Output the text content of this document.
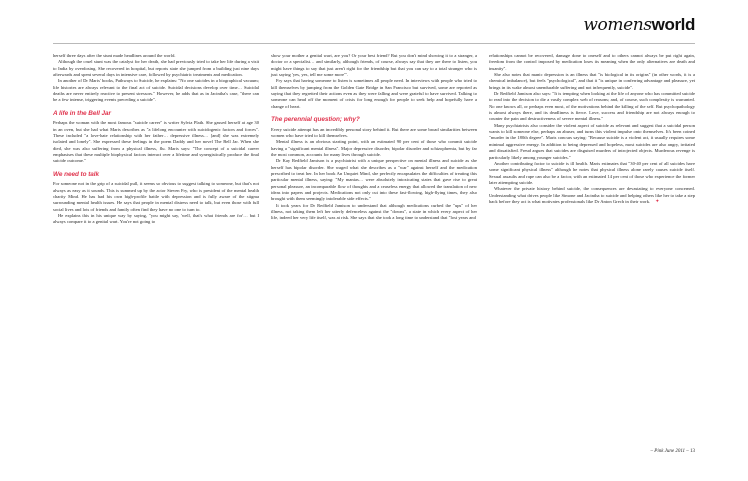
womensworld

herself three days after the stunt made headlines around the world.

Although the cruel stunt was the catalyst for her death, she had previously tried to take her life during a visit to India by overdosing. She recovered in hospital, but reports state she jumped from a building just nine days afterwards and spent several days in intensive care, followed by psychiatric treatments and medication.

In another of Dr Maris' books, Pathways to Suicide, he explains: "No one suicides in a biographical vacuum; life histories are always relevant to the final act of suicide. Suicidal decisions develop over time… Suicidal deaths are never entirely reactive to present stressors." However, he adds that as in Jacintha's case, "there can be a few intense, triggering events preceding a suicide".

A life in the Bell Jar

Perhaps the woman with the most famous "suicide career" is writer Sylvia Plath. She gassed herself at age 30 in an oven, but she had what Maris describes as "a lifelong encounter with suicidogenic factors and forces". These included "a love-hate relationship with her father… depressive illness… [and] she was extremely isolated and lonely". She expressed these feelings in the poem Daddy and her novel The Bell Jar. When she died, she was also suffering from a physical illness, flu. Maris says: "The concept of a suicidal career emphasises that these multiple biophysical factors interact over a lifetime and synergistically produce the final suicide outcome."

We need to talk

For someone not in the grip of a suicidal pull, it seems so obvious to suggest talking to someone, but that's not always as easy as it sounds. This is summed up by the actor Steven Fry, who is president of the mental health charity Mind. He has had his own high-profile battle with depression and is fully aware of the stigma surrounding mental health issues. He says that people in mental distress need to talk, but even those with full social lives and lots of friends and family often find they have no one to turn to.

He explains this in his unique way by saying, "you might say, 'well, that's what friends are for'… but I always compare it to a genital wart. You're not going to

show your mother a genital wart, are you? Or your best friend? But you don't mind showing it to a stranger, a doctor or a specialist… and similarly, although friends, of course, always say that they are there to listen, you might have things to say that just aren't right for the friendship but that you can say to a total stranger who is just saying 'yes, yes, tell me some more'".

Fry says that having someone to listen is sometimes all people need. In interviews with people who tried to kill themselves by jumping from the Golden Gate Bridge in San Francisco but survived, some are reported as saying that they regretted their actions even as they were falling and were grateful to have survived. Talking to someone can head off the moment of crisis for long enough for people to seek help and hopefully have a change of heart.

The perennial question; why?

Every suicide attempt has an incredibly personal story behind it. But there are some broad similarities between women who have tried to kill themselves.

Mental illness is an obvious starting point, with an estimated 90 per cent of those who commit suicide having a "significant mental illness". Major depressive disorder, bipolar disorder and schizophrenia, but by far the most common, accounts for many lives through suicide.

Dr Kay Redfield Jamison is a psychiatrist with a unique perspective on mental illness and suicide as she herself has bipolar disorder. She waged what she describes as a "war" against herself and the medication prescribed to treat her. In her book An Unquiet Mind, she perfectly encapsulates the difficulties of treating this particular mental illness, saying: "My manias… were absolutely intoxicating states that gave rise to great personal pleasure, an incomparable flow of thoughts and a ceaseless energy that allowed the translation of new ideas into papers and projects. Medications not only cut into these fast-flowing, high-flying times, they also brought with them seemingly intolerable side effects."

It took years for Dr Redfield Jamison to understand that although medications curbed the "ups" of her illness, not taking them left her utterly defenceless against the "downs", a state in which every aspect of her life, indeed her very life itself, was at risk. She says that she took a long time to understand that "lost years and

relationships cannot be recovered, damage done to oneself and to others cannot always be put right again, freedom from the control imposed by medication loses its meaning when the only alternatives are death and insanity".

She also notes that manic depression is an illness that "is biological in its origins" (in other words, it is a chemical imbalance), but feels "psychological", and that it "is unique in conferring advantage and pleasure, yet brings in its wake almost unendurable suffering and not infrequently, suicide".

Dr Redfield Jamison also says: "It is tempting when looking at the life of anyone who has committed suicide to read into the decision to die a vastly complex web of reasons; and, of course, such complexity is warranted. No one knows all, or perhaps even most, of the motivations behind the killing of the self. But psychopathology is almost always there, and its deadliness is fierce. Love, success and friendship are not always enough to counter the pain and destructiveness of severe mental illness."

Many psychiatrists also consider the violent aspect of suicide as relevant and suggest that a suicidal person wants to kill someone else, perhaps an abuser, and turns this violent impulse onto themselves. It's been coined "murder in the 180th degree". Maris concurs saying: "Because suicide is a violent act, it usually requires some minimal aggressive energy. In addition to being depressed and hopeless, most suicides are also angry, irritated and dissatisfied. Freud argues that suicides are disguised murders of introjected objects. Murderous revenge is particularly likely among younger suicides."

Another contributing factor to suicide is ill health. Maris estimates that "30-40 per cent of all suicides have some significant physical illness" although he notes that physical illness alone rarely causes suicide itself. Sexual assaults and rape can also be a factor, with an estimated 14 per cent of those who experience the former later attempting suicide.

Whatever the private history behind suicide, the consequences are devastating to everyone concerned. Understanding what drives people like Simone and Jacintha to suicide and helping others like her to take a step back before they act is what motivates professionals like Dr Anton Grech in their work. ✦

– Pink June 2011 – 13
